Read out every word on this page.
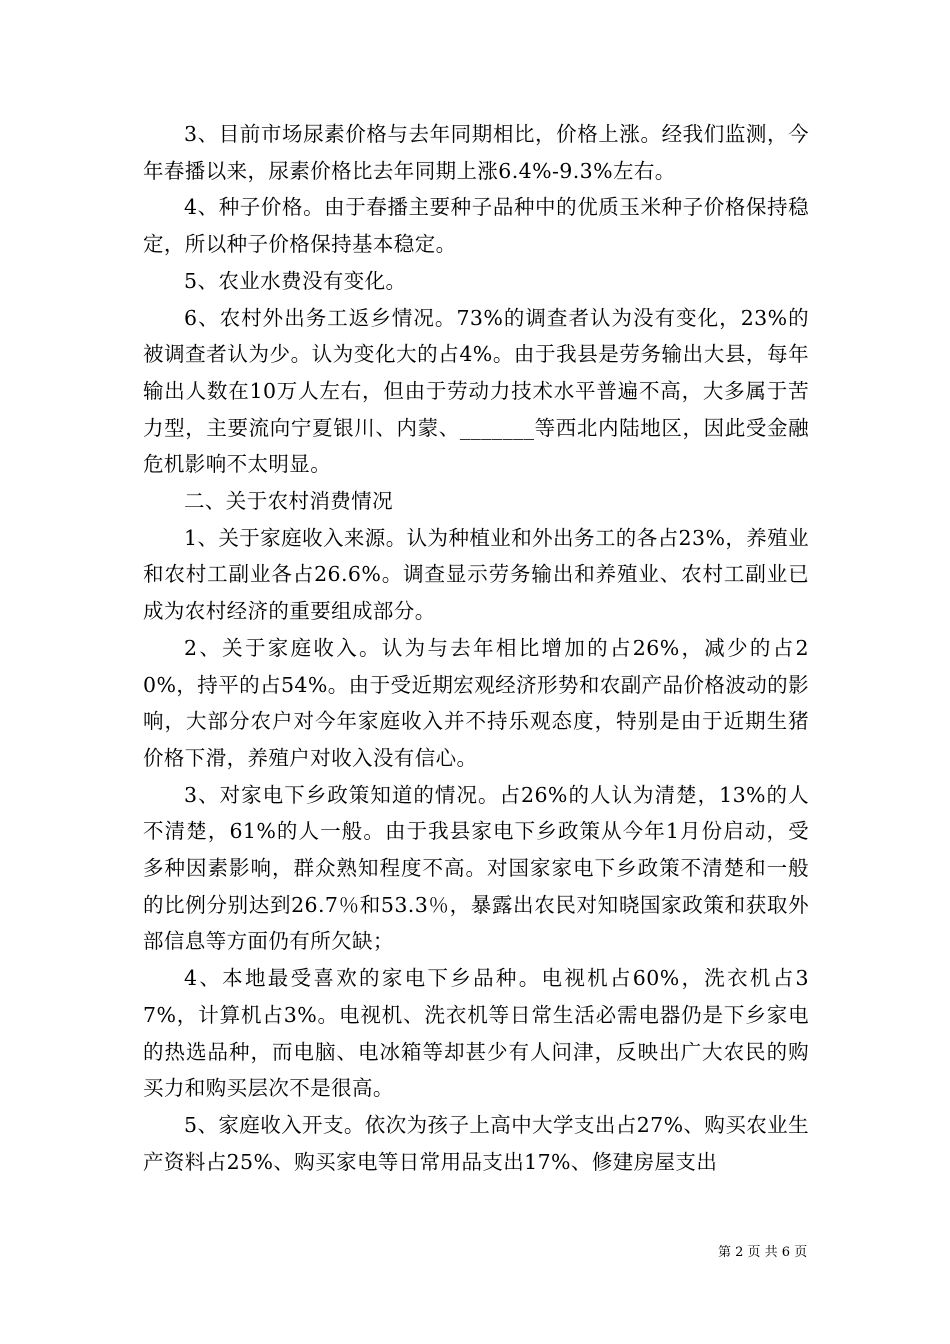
3、目前市场尿素价格与去年同期相比，价格上涨。经我们监测，今年春播以来，尿素价格比去年同期上涨6.4%-9.3%左右。

4、种子价格。由于春播主要种子品种中的优质玉米种子价格保持稳定，所以种子价格保持基本稳定。

5、农业水费没有变化。

6、农村外出务工返乡情况。73%的调查者认为没有变化，23%的被调查者认为少。认为变化大的占4%。由于我县是劳务输出大县，每年输出人数在10万人左右，但由于劳动力技术水平普遍不高，大多属于苦力型，主要流向宁夏银川、内蒙、_______等西北内陆地区，因此受金融危机影响不太明显。

二、关于农村消费情况

1、关于家庭收入来源。认为种植业和外出务工的各占23%，养殖业和农村工副业各占26.6%。调查显示劳务输出和养殖业、农村工副业已成为农村经济的重要组成部分。

2、关于家庭收入。认为与去年相比增加的占26%，减少的占20%，持平的占54%。由于受近期宏观经济形势和农副产品价格波动的影响，大部分农户对今年家庭收入并不持乐观态度，特别是由于近期生猪价格下滑，养殖户对收入没有信心。

3、对家电下乡政策知道的情况。占26%的人认为清楚，13%的人不清楚，61%的人一般。由于我县家电下乡政策从今年1月份启动，受多种因素影响，群众熟知程度不高。对国家家电下乡政策不清楚和一般的比例分别达到26.7％和53.3％，暴露出农民对知晓国家政策和获取外部信息等方面仍有所欠缺；

4、本地最受喜欢的家电下乡品种。电视机占60%，洗衣机占37%，计算机占3%。电视机、洗衣机等日常生活必需电器仍是下乡家电的热选品种，而电脑、电冰箱等却甚少有人问津，反映出广大农民的购买力和购买层次不是很高。

5、家庭收入开支。依次为孩子上高中大学支出占27%、购买农业生产资料占25%、购买家电等日常用品支出17%、修建房屋支出

第 2 页 共 6 页
